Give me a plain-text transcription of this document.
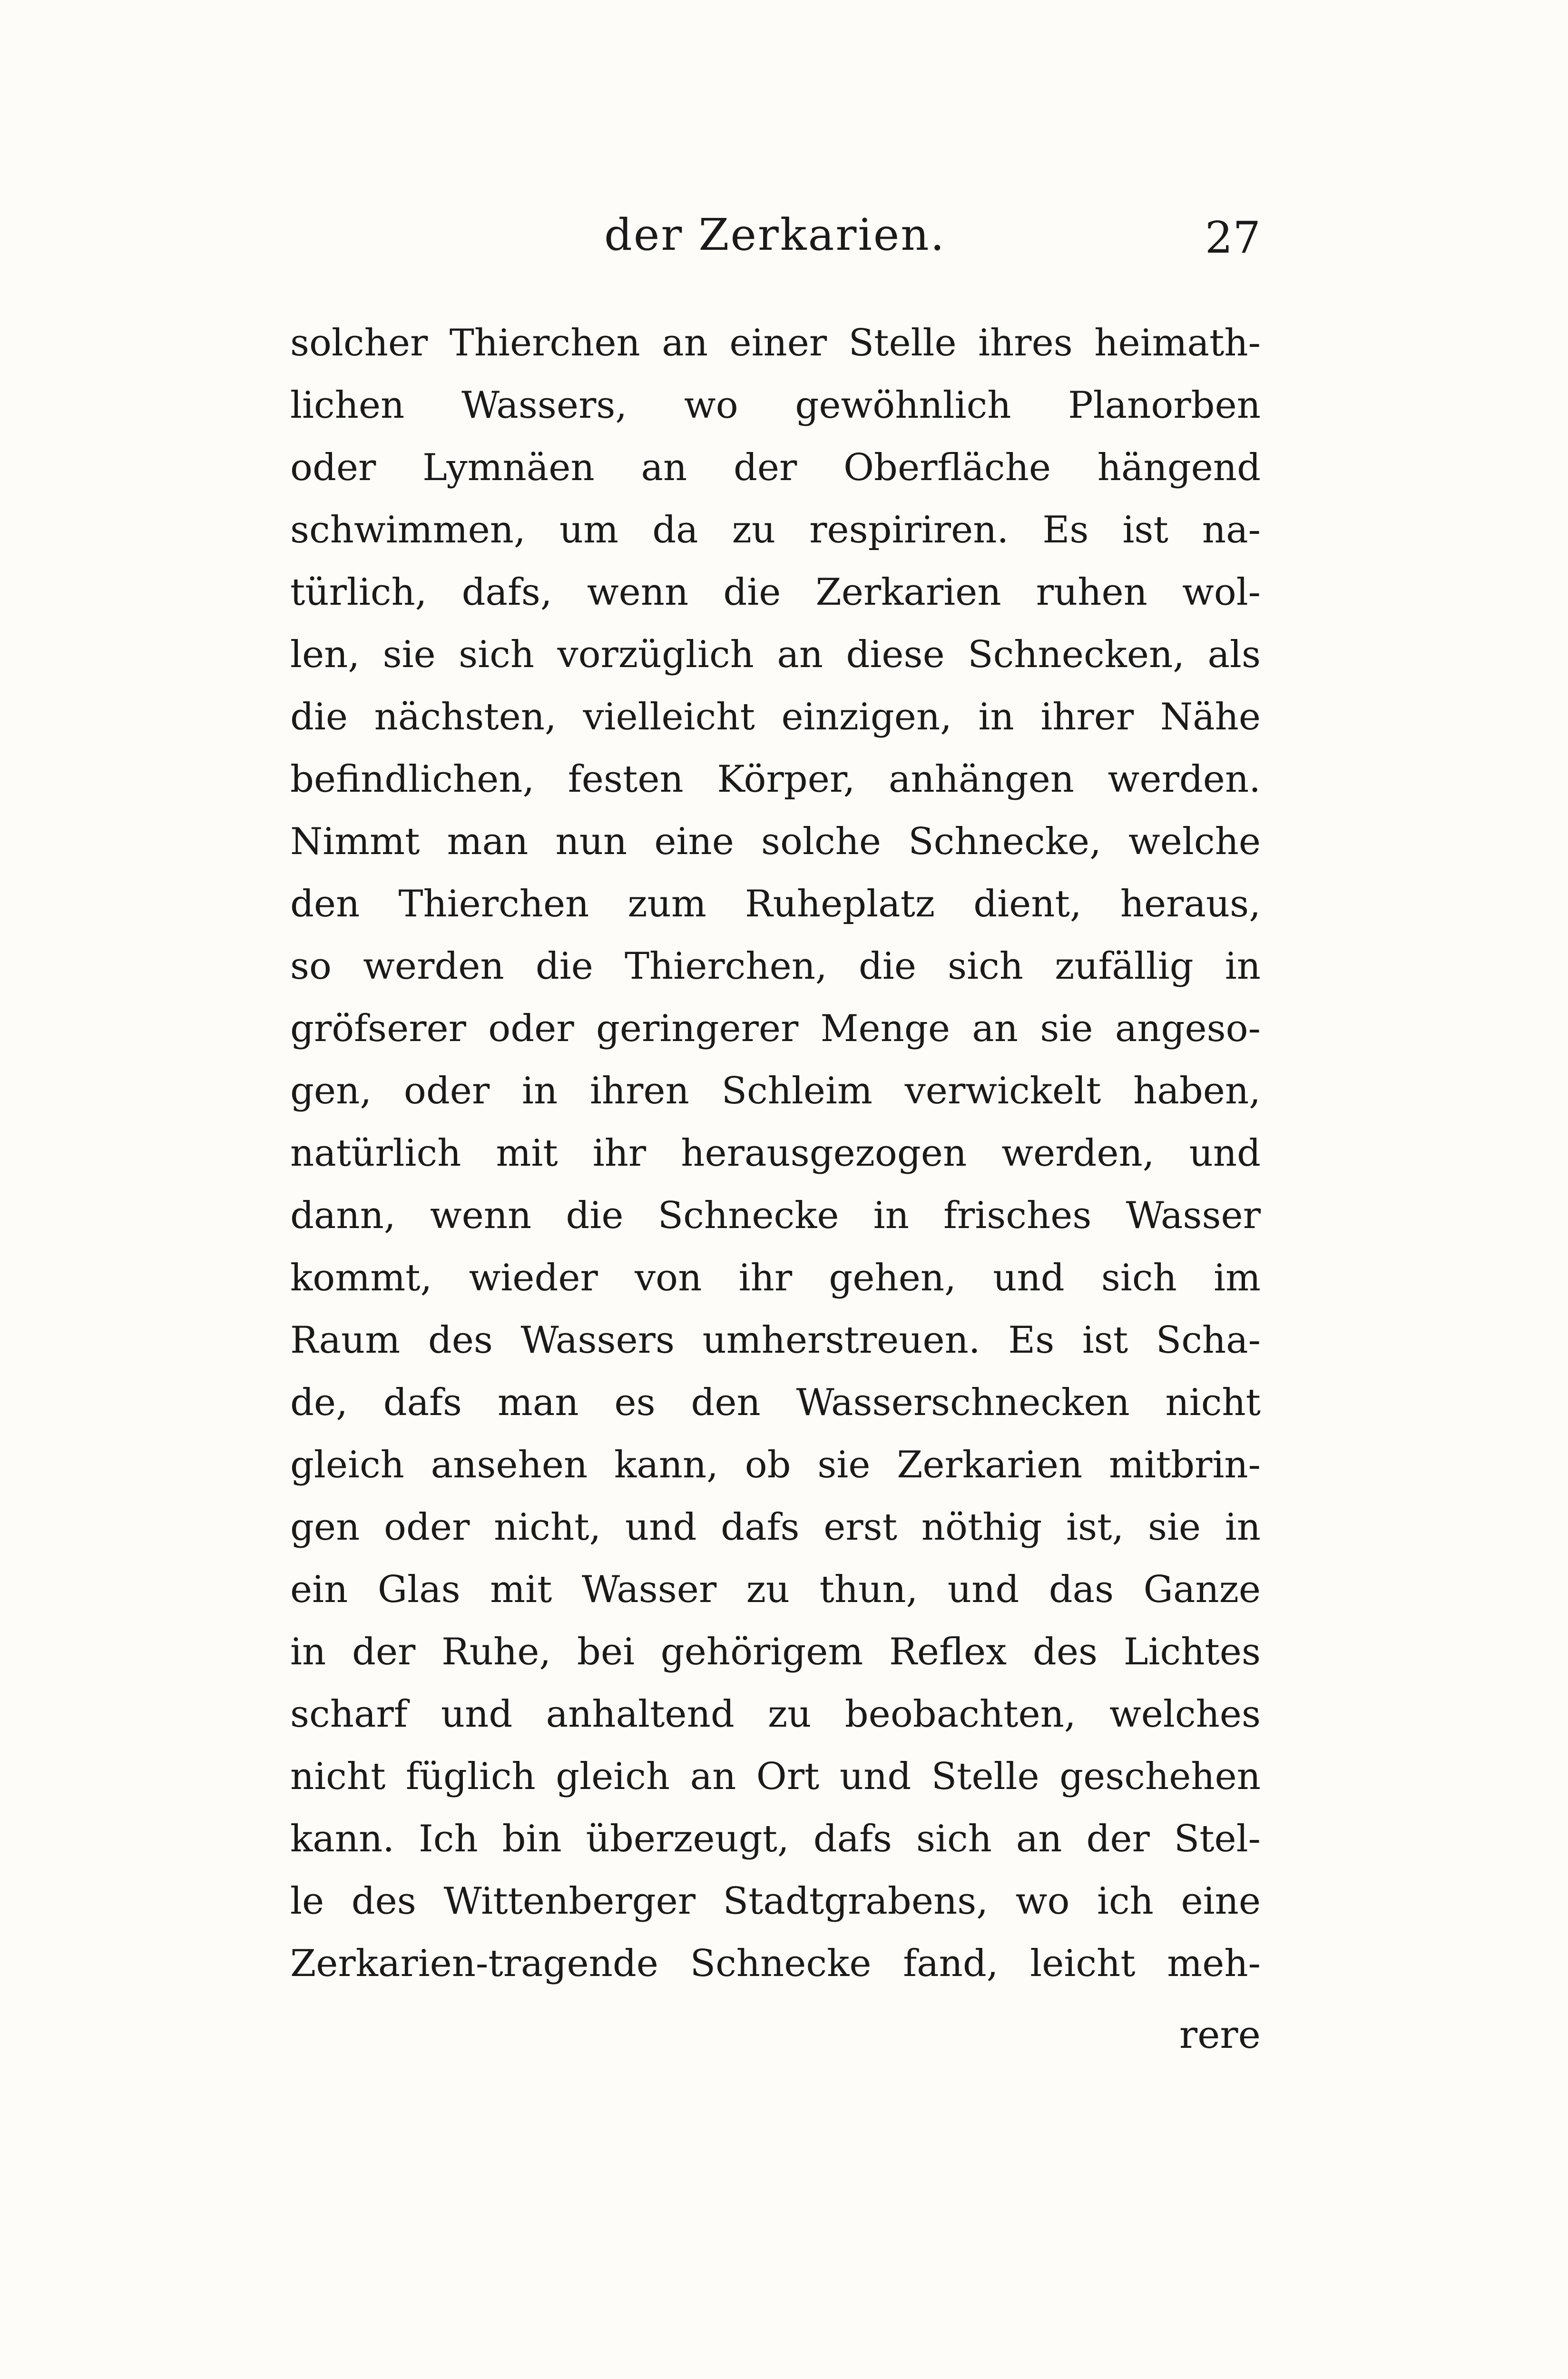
der Zerkarien.	27
solcher Thierchen an einer Stelle ihres heimath-
lichen Wassers, wo gewöhnlich Planorben
oder Lymnäen an der Oberfläche hängend
schwimmen, um da zu respiriren. Es ist na-
türlich, dafs, wenn die Zerkarien ruhen wol-
len, sie sich vorzüglich an diese Schnecken, als
die nächsten, vielleicht einzigen, in ihrer Nähe
befindlichen, festen Körper, anhängen werden.
Nimmt man nun eine solche Schnecke, welche
den Thierchen zum Ruheplatz dient, heraus,
so werden die Thierchen, die sich zufällig in
gröfserer oder geringerer Menge an sie angeso-
gen, oder in ihren Schleim verwickelt haben,
natürlich mit ihr herausgezogen werden, und
dann, wenn die Schnecke in frisches Wasser
kommt, wieder von ihr gehen, und sich im
Raum des Wassers umherstreuen. Es ist Scha-
de, dafs man es den Wasserschnecken nicht
gleich ansehen kann, ob sie Zerkarien mitbrin-
gen oder nicht, und dafs erst nöthig ist, sie in
ein Glas mit Wasser zu thun, und das Ganze
in der Ruhe, bei gehörigem Reflex des Lichtes
scharf und anhaltend zu beobachten, welches
nicht füglich gleich an Ort und Stelle geschehen
kann. Ich bin überzeugt, dafs sich an der Stel-
le des Wittenberger Stadtgrabens, wo ich eine
Zerkarien-tragende Schnecke fand, leicht meh-
rere
